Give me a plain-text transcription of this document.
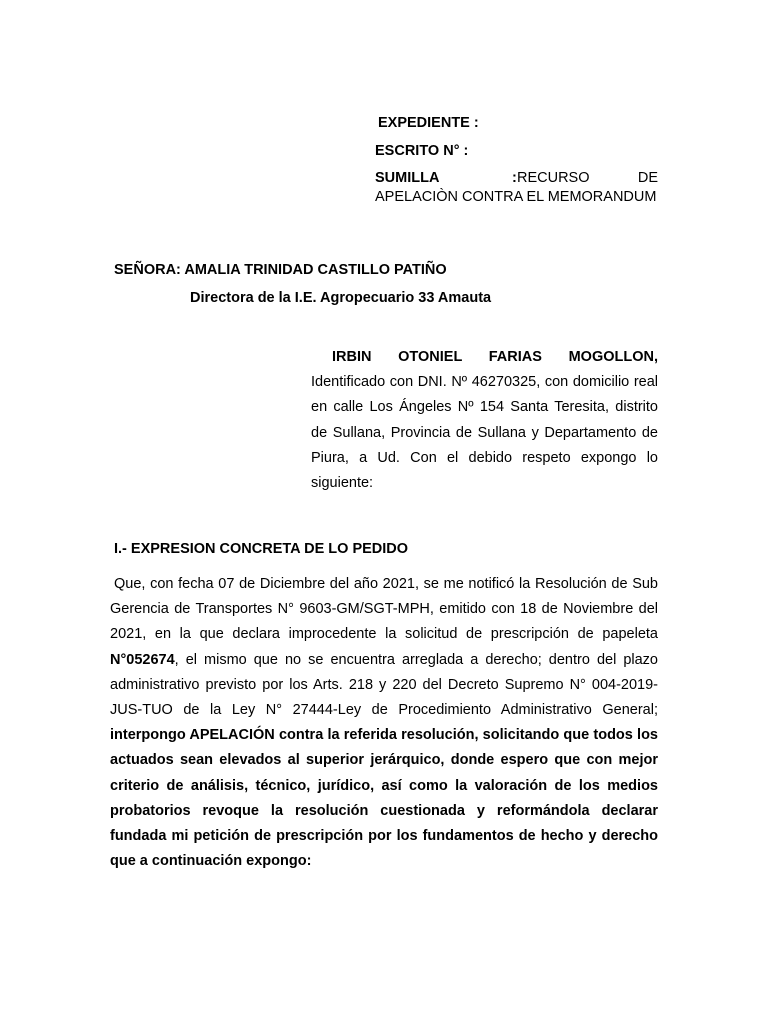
EXPEDIENTE :
ESCRITO N° :
SUMILLA	: RECURSO DE APELACIÒN CONTRA EL MEMORANDUM
SEÑORA: AMALIA TRINIDAD CASTILLO PATIÑO
Directora de la I.E. Agropecuario 33 Amauta
IRBIN OTONIEL FARIAS MOGOLLON,
Identificado con DNI. Nº 46270325, con domicilio real en calle Los Ángeles Nº 154 Santa Teresita, distrito de Sullana, Provincia de Sullana y Departamento de Piura, a Ud. Con el debido respeto expongo lo siguiente:
I.- EXPRESION CONCRETA DE LO PEDIDO
Que, con fecha 07 de Diciembre del año 2021, se me notificó la Resolución de Sub Gerencia de Transportes N° 9603-GM/SGT-MPH, emitido con 18 de Noviembre del 2021, en la que declara improcedente la solicitud de prescripción de papeleta N°052674, el mismo que no se encuentra arreglada a derecho; dentro del plazo administrativo previsto por los Arts. 218 y 220 del Decreto Supremo N° 004-2019-JUS-TUO de la Ley N° 27444-Ley de Procedimiento Administrativo General; interpongo APELACIÓN contra la referida resolución, solicitando que todos los actuados sean elevados al superior jerárquico, donde espero que con mejor criterio de análisis, técnico, jurídico, así como la valoración de los medios probatorios revoque la resolución cuestionada y reformándola declarar fundada mi petición de prescripción por los fundamentos de hecho y derecho que a continuación expongo:
